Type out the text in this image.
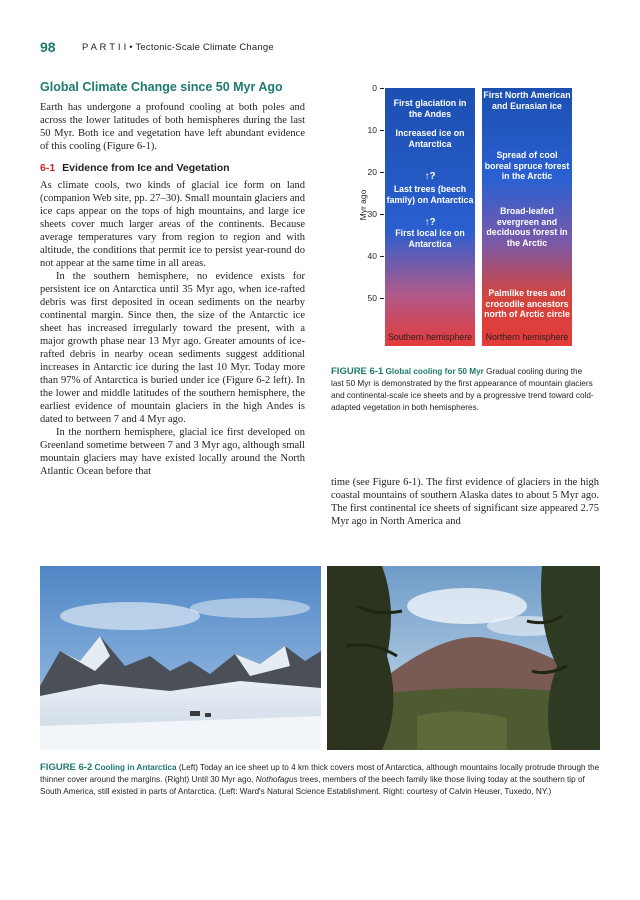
98	P A R T I I • Tectonic-Scale Climate Change
Global Climate Change since 50 Myr Ago

Earth has undergone a profound cooling at both poles and across the lower latitudes of both hemispheres during the last 50 Myr. Both ice and vegetation have left abundant evidence of this cooling (Figure 6-1).

6-1 Evidence from Ice and Vegetation

As climate cools, two kinds of glacial ice form on land (companion Web site, pp. 27–30). Small mountain glaciers and ice caps appear on the tops of high mountains, and large ice sheets cover much larger areas of the continents. Because average temperatures vary from region to region and with altitude, the conditions that permit ice to persist year-round do not appear at the same time in all areas.

In the southern hemisphere, no evidence exists for persistent ice on Antarctica until 35 Myr ago, when ice-rafted debris was first deposited in ocean sediments on the nearby continental margin. Since then, the size of the Antarctic ice sheet has increased irregularly toward the present, with a major growth phase near 13 Myr ago. Greater amounts of ice-rafted debris in nearby ocean sediments suggest additional increases in Antarctic ice during the last 10 Myr. Today more than 97% of Antarctica is buried under ice (Figure 6-2 left). In the lower and middle latitudes of the southern hemisphere, the earliest evidence of mountain glaciers in the high Andes is dated to between 7 and 4 Myr ago.

In the northern hemisphere, glacial ice first developed on Greenland sometime between 7 and 3 Myr ago, although small mountain glaciers may have existed locally around the North Atlantic Ocean before that

Myr ago
0
10
20
30
40
50
First glaciation in the Andes
Increased ice on Antarctica
↑?
Last trees (beech family) on Antarctica
↑?
First local ice on Antarctica
First North American and Eurasian ice
Spread of cool boreal spruce forest in the Arctic
Broad-leafed evergreen and deciduous forest in the Arctic
Palmlike trees and crocodile ancestors north of Arctic circle
Southern hemisphere	Northern hemisphere
FIGURE 6-1 Global cooling for 50 Myr Gradual cooling during the last 50 Myr is demonstrated by the first appearance of mountain glaciers and continental-scale ice sheets and by a progressive trend toward cold-adapted vegetation in both hemispheres.

time (see Figure 6-1). The first evidence of glaciers in the high coastal mountains of southern Alaska dates to about 5 Myr ago. The first continental ice sheets of significant size appeared 2.75 Myr ago in North America and

FIGURE 6-2 Cooling in Antarctica (Left) Today an ice sheet up to 4 km thick covers most of Antarctica, although mountains locally protrude through the thinner cover around the margins. (Right) Until 30 Myr ago, Nothofagus trees, members of the beech family like those living today at the southern tip of South America, still existed in parts of Antarctica. (Left: Ward's Natural Science Establishment. Right: courtesy of Calvin Heuser, Tuxedo, NY.)
